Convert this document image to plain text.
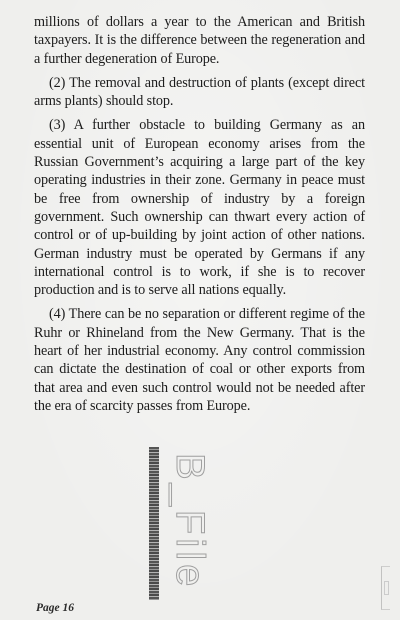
millions of dollars a year to the American and British taxpayers. It is the difference between the regeneration and a further degeneration of Europe.

(2) The removal and destruction of plants (except direct arms plants) should stop.

(3) A further obstacle to building Germany as an essential unit of European economy arises from the Russian Government’s acquiring a large part of the key operating industries in their zone. Germany in peace must be free from ownership of industry by a foreign government. Such ownership can thwart every action of control or of up-building by joint action of other nations. German industry must be operated by Germans if any international control is to work, if she is to recover production and is to serve all nations equally.

(4) There can be no separation or different regime of the Ruhr or Rhineland from the New Germany. That is the heart of her industrial economy. Any control commission can dictate the destination of coal or other exports from that area and even such control would not be needed after the era of scarcity passes from Europe.

B_File
Page 16
